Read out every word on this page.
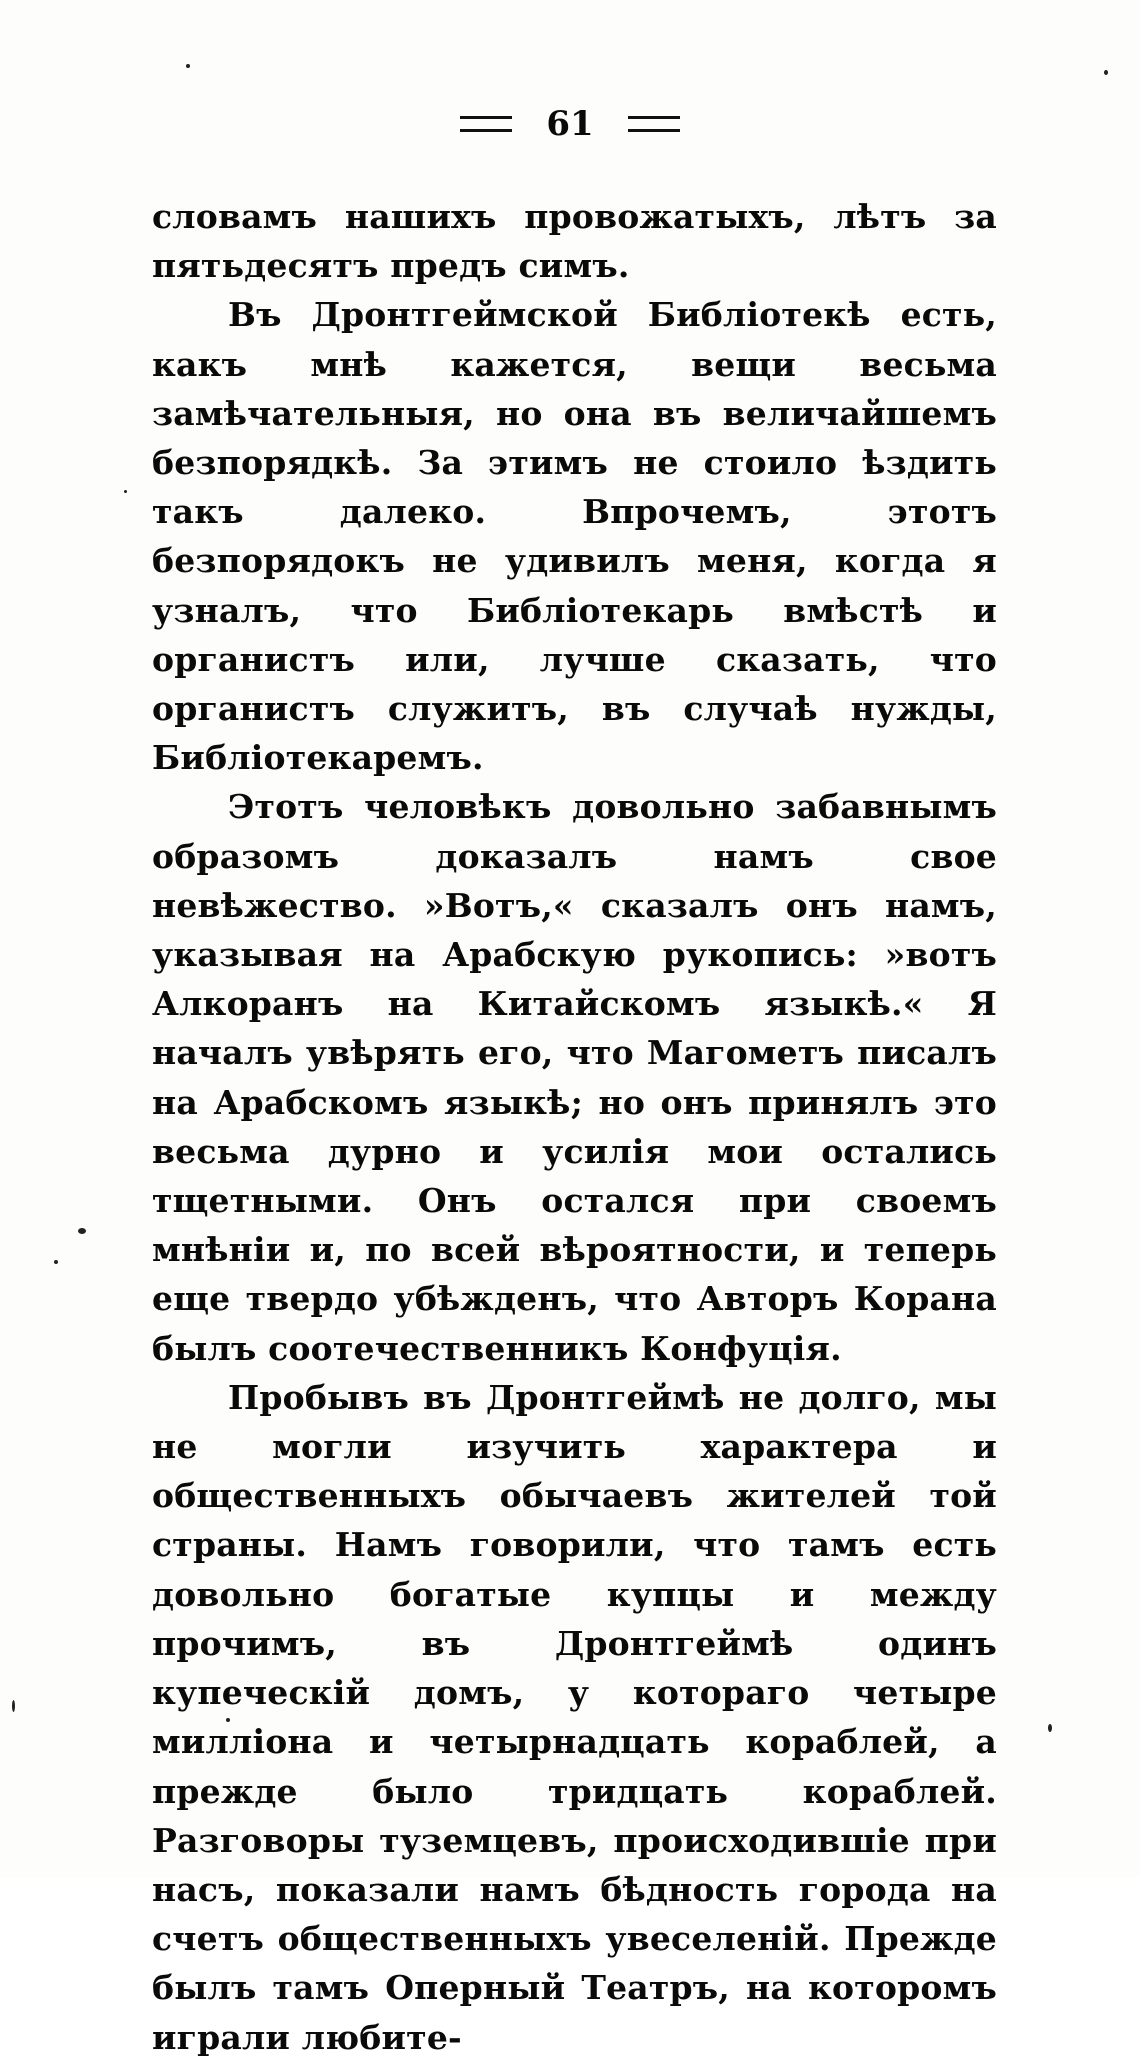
61

словамъ нашихъ провожатыхъ, лѣтъ за пятьдесятъ предъ симъ.

Въ Дронтгеймской Библіотекѣ есть, какъ мнѣ кажется, вещи весьма замѣчательныя, но она въ величайшемъ безпорядкѣ. За этимъ не стоило ѣздить такъ далеко. Впрочемъ, этотъ безпорядокъ не удивилъ меня, когда я узналъ, что Библіотекарь вмѣстѣ и органистъ или, лучше сказать, что органистъ служитъ, въ случаѣ нужды, Библіотекаремъ.

Этотъ человѣкъ довольно забавнымъ образомъ доказалъ намъ свое невѣжество. »Вотъ,« сказалъ онъ намъ, указывая на Арабскую рукопись: »вотъ Алкоранъ на Китайскомъ языкѣ.« Я началъ увѣрять его, что Магометъ писалъ на Арабскомъ языкѣ; но онъ принялъ это весьма дурно и усилія мои остались тщетными. Онъ остался при своемъ мнѣніи и, по всей вѣроятности, и теперь еще твердо убѣжденъ, что Авторъ Корана былъ соотечественникъ Конфуція.

Пробывъ въ Дронтгеймѣ не долго, мы не могли изучить характера и общественныхъ обычаевъ жителей той страны. Намъ говорили, что тамъ есть довольно богатые купцы и между прочимъ, въ Дронтгеймѣ одинъ купеческій домъ, у котораго четыре милліона и четырнадцать кораблей, а прежде было тридцать кораблей. Разговоры туземцевъ, происходившіе при насъ, показали намъ бѣдность города на счетъ общественныхъ увеселеній. Прежде былъ тамъ Оперный Театръ, на которомъ играли любите-
